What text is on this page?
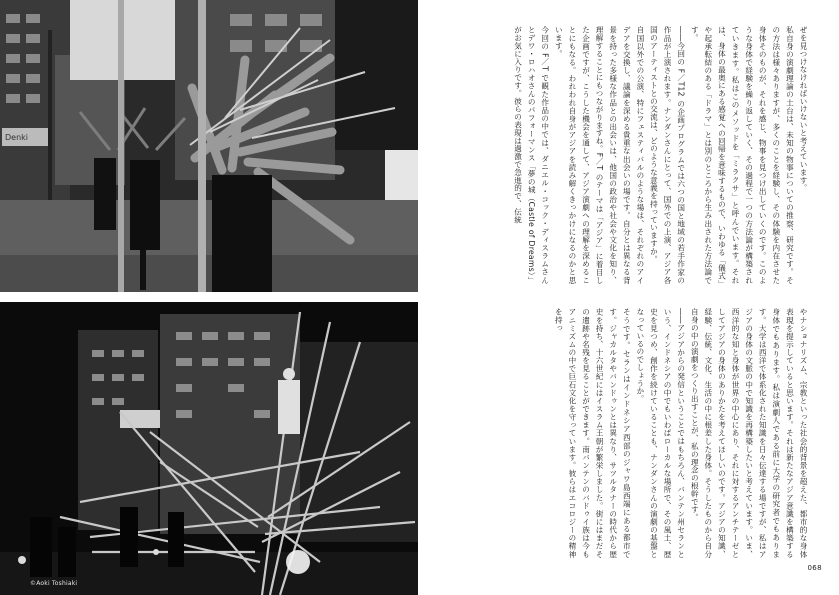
Denki
©Aoki Toshiaki

ぜを見つけなければいけないと考えています。

私自身の演劇理論の土台は、未知の物事についての推察、研究です。その方法は様々ありますが、多くのことを経験し、その体験を内在させた身体そのものが、それを感じ、物事を見つけ出していくのです。このような身体で経験を繰り返していく、その過程で一つの方法論が構築されていきます。私はこのメソッドを「ミラクサ」と呼んでいます。それは、身体の最奥にある感覚への回帰を意味するもので、いわゆる「儀式」や起承転結のある「ドラマ」とは別のところから生み出された方法論です。

――今回の F／T12 の企画プログラムでは六つの国と地域の若手作家の作品が上演されます。ナンダンさんにとって、国外での上演、アジア各国のアーティストとの交流は、どのような意義を持っていますか。

自国以外での公演、特にフェスティバルのような場は、それぞれのアイデアを交換し、議論を深める貴重な出会いの場です。自分とは異なる背景を持った多様な作品との出会いは、他国の政治や社会や文化を知り、理解することにもつながりますね。F／T のテーマは「アジア」に着目した企画ですが、こうした機会を通して、アジア演劇への理解を深めることにもなる。われわれ自身がアジアを読み解くきっかけになるのかと思います。

今回の F／T で観た作品の中では、ダニエル・コック・ディスラムさんとデワ・ロハオさんのパフォーマンス「夢の城（Castle of Dreams）」がお気に入りです。彼らの表現は過激で急進的で、伝統

やナショナリズム、宗教といった社会的背景を超えた、都市的な身体表現を提示していると思います。それは新たなアジア意識を構築する身体でもあります。私は演劇人である前に大学の研究者でもあります。大学は西洋で体系化された知識を日々伝達する場ですが、私はアジアの身体の文脈の中で知識を再構築したいと考えています。いま、西洋的な知と身体が世界の中心にあり、それに対するアンチテーゼとしてアジアの身体のありかたを考えてほしいのです。アジアの知識、経験、伝統、文化、生活の中に根差した身体。そうしたものから自分自身の中の演劇をつくり出すことが、私の理念の根幹です。

――アジアからの発信ということではもちろん、バンテン州セランという、インドネシアの中でもいわばローカルな場所で、その風土、歴史を見つめ、創作を続けていることも、ナンダンさんの演劇の基盤となっているのでしょうか。

そうです。セランはインドネシア西部のジャワ島西端にある都市です。ジャカルタやバンドゥンとは異なり、サツルタナーの時代から歴史を持ち、十六世紀にはイスラム王朝が繁栄しました。街にはまだその遺跡や名残を見ることができます。南バンテンのバドゥイ族は今もアニミズムの中で巨石文化を守っています。彼らはエコロジーの精神を持っ

068
